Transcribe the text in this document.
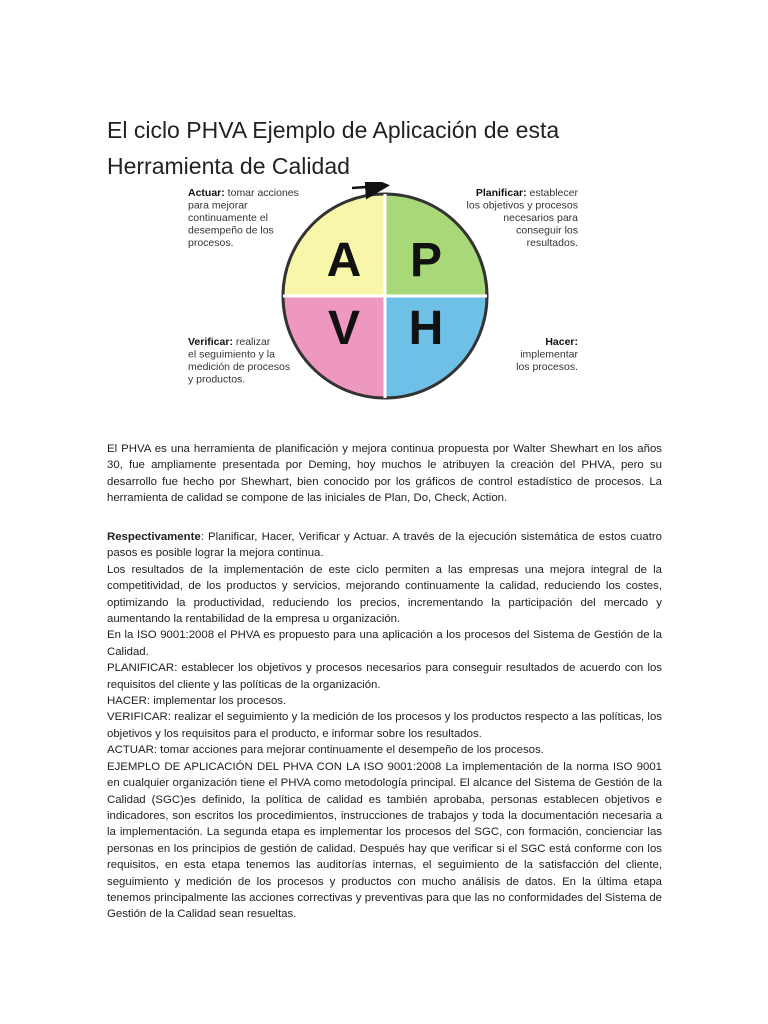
El ciclo PHVA Ejemplo de Aplicación de esta Herramienta de Calidad
A P
V H
Actuar: tomar acciones para mejorar continuamente el desempeño de los procesos.
Planificar: establecer los objetivos y procesos necesarios para conseguir los resultados.
Verificar: realizar el seguimiento y la medición de procesos y productos.
Hacer: implementar los procesos.

El PHVA es una herramienta de planificación y mejora continua propuesta por Walter Shewhart en los años 30, fue ampliamente presentada por Deming, hoy muchos le atribuyen la creación del PHVA, pero su desarrollo fue hecho por Shewhart, bien conocido por los gráficos de control estadístico de procesos. La herramienta de calidad se compone de las iniciales de Plan, Do, Check, Action.

Respectivamente: Planificar, Hacer, Verificar y Actuar. A través de la ejecución sistemática de estos cuatro pasos es posible lograr la mejora continua.

Los resultados de la implementación de este ciclo permiten a las empresas una mejora integral de la competitividad, de los productos y servicios, mejorando continuamente la calidad, reduciendo los costes, optimizando la productividad, reduciendo los precios, incrementando la participación del mercado y aumentando la rentabilidad de la empresa u organización.

En la ISO 9001:2008 el PHVA es propuesto para una aplicación a los procesos del Sistema de Gestión de la Calidad.

PLANIFICAR: establecer los objetivos y procesos necesarios para conseguir resultados de acuerdo con los requisitos del cliente y las políticas de la organización.

HACER: implementar los procesos.

VERIFICAR: realizar el seguimiento y la medición de los procesos y los productos respecto a las políticas, los objetivos y los requisitos para el producto, e informar sobre los resultados.

ACTUAR: tomar acciones para mejorar continuamente el desempeño de los procesos.

EJEMPLO DE APLICACIÓN DEL PHVA CON LA ISO 9001:2008 La implementación de la norma ISO 9001 en cualquier organización tiene el PHVA como metodología principal. El alcance del Sistema de Gestión de la Calidad (SGC)es definido, la política de calidad es también aprobaba, personas establecen objetivos e indicadores, son escritos los procedimientos, instrucciones de trabajos y toda la documentación necesaria a la implementación. La segunda etapa es implementar los procesos del SGC, con formación, concienciar las personas en los principios de gestión de calidad. Después hay que verificar si el SGC está conforme con los requisitos, en esta etapa tenemos las auditorías internas, el seguimiento de la satisfacción del cliente, seguimiento y medición de los procesos y productos con mucho análisis de datos. En la última etapa tenemos principalmente las acciones correctivas y preventivas para que las no conformidades del Sistema de Gestión de la Calidad sean resueltas.
